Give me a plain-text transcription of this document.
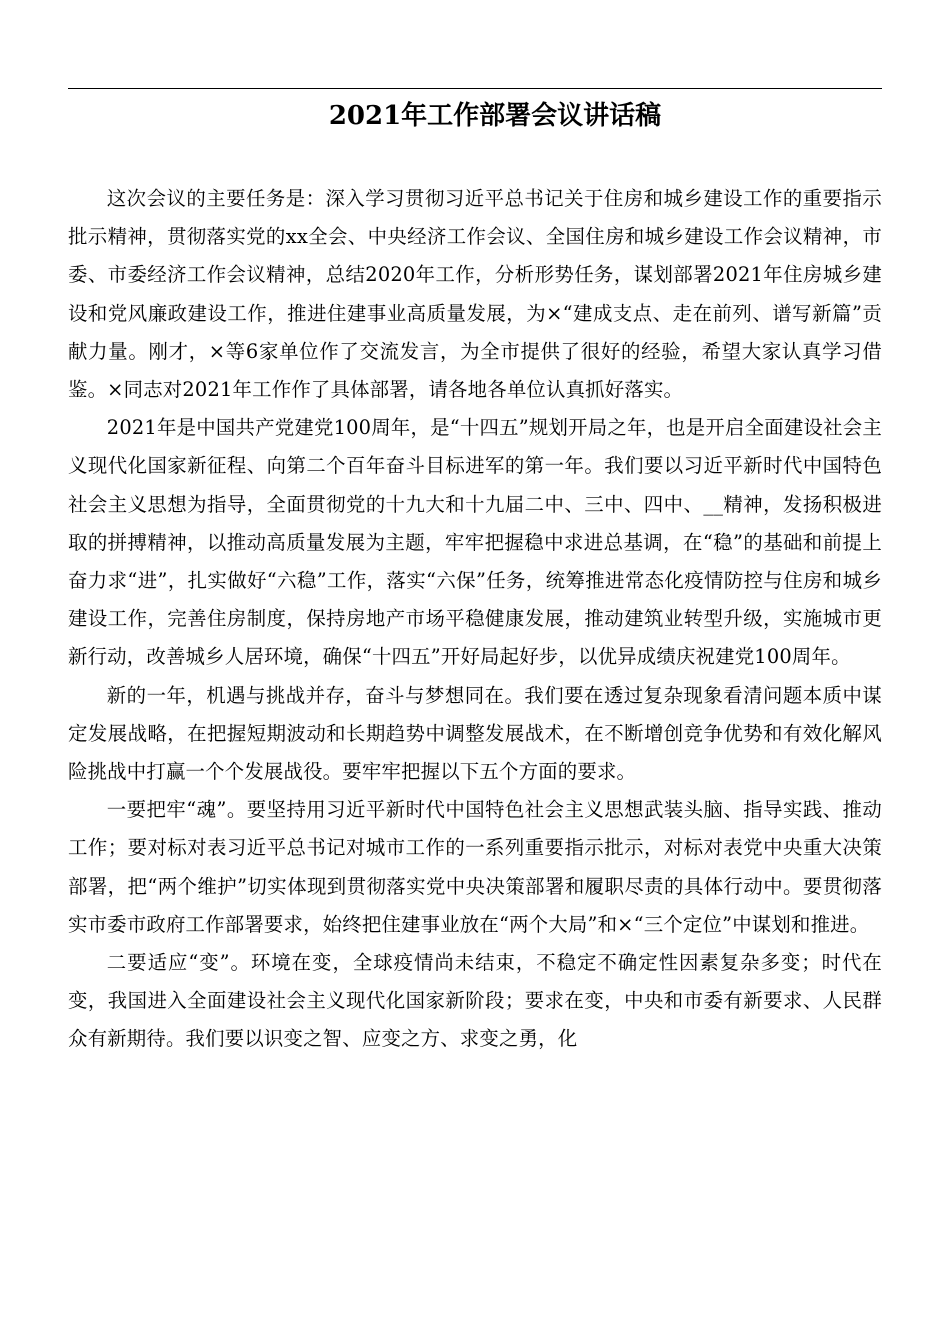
2021年工作部署会议讲话稿

这次会议的主要任务是：深入学习贯彻习近平总书记关于住房和城乡建设工作的重要指示批示精神，贯彻落实党的xx全会、中央经济工作会议、全国住房和城乡建设工作会议精神，市委、市委经济工作会议精神，总结2020年工作，分析形势任务，谋划部署2021年住房城乡建设和党风廉政建设工作，推进住建事业高质量发展，为×“建成支点、走在前列、谱写新篇”贡献力量。刚才，×等6家单位作了交流发言，为全市提供了很好的经验，希望大家认真学习借鉴。×同志对2021年工作作了具体部署，请各地各单位认真抓好落实。

2021年是中国共产党建党100周年，是“十四五”规划开局之年，也是开启全面建设社会主义现代化国家新征程、向第二个百年奋斗目标进军的第一年。我们要以习近平新时代中国特色社会主义思想为指导，全面贯彻党的十九大和十九届二中、三中、四中、__精神，发扬积极进取的拼搏精神，以推动高质量发展为主题，牢牢把握稳中求进总基调，在“稳”的基础和前提上奋力求“进”，扎实做好“六稳”工作，落实“六保”任务，统筹推进常态化疫情防控与住房和城乡建设工作，完善住房制度，保持房地产市场平稳健康发展，推动建筑业转型升级，实施城市更新行动，改善城乡人居环境，确保“十四五”开好局起好步，以优异成绩庆祝建党100周年。

新的一年，机遇与挑战并存，奋斗与梦想同在。我们要在透过复杂现象看清问题本质中谋定发展战略，在把握短期波动和长期趋势中调整发展战术，在不断增创竞争优势和有效化解风险挑战中打赢一个个发展战役。要牢牢把握以下五个方面的要求。

一要把牢“魂”。要坚持用习近平新时代中国特色社会主义思想武装头脑、指导实践、推动工作；要对标对表习近平总书记对城市工作的一系列重要指示批示，对标对表党中央重大决策部署，把“两个维护”切实体现到贯彻落实党中央决策部署和履职尽责的具体行动中。要贯彻落实市委市政府工作部署要求，始终把住建事业放在“两个大局”和×“三个定位”中谋划和推进。

二要适应“变”。环境在变，全球疫情尚未结束，不稳定不确定性因素复杂多变；时代在变，我国进入全面建设社会主义现代化国家新阶段；要求在变，中央和市委有新要求、人民群众有新期待。我们要以识变之智、应变之方、求变之勇，化
